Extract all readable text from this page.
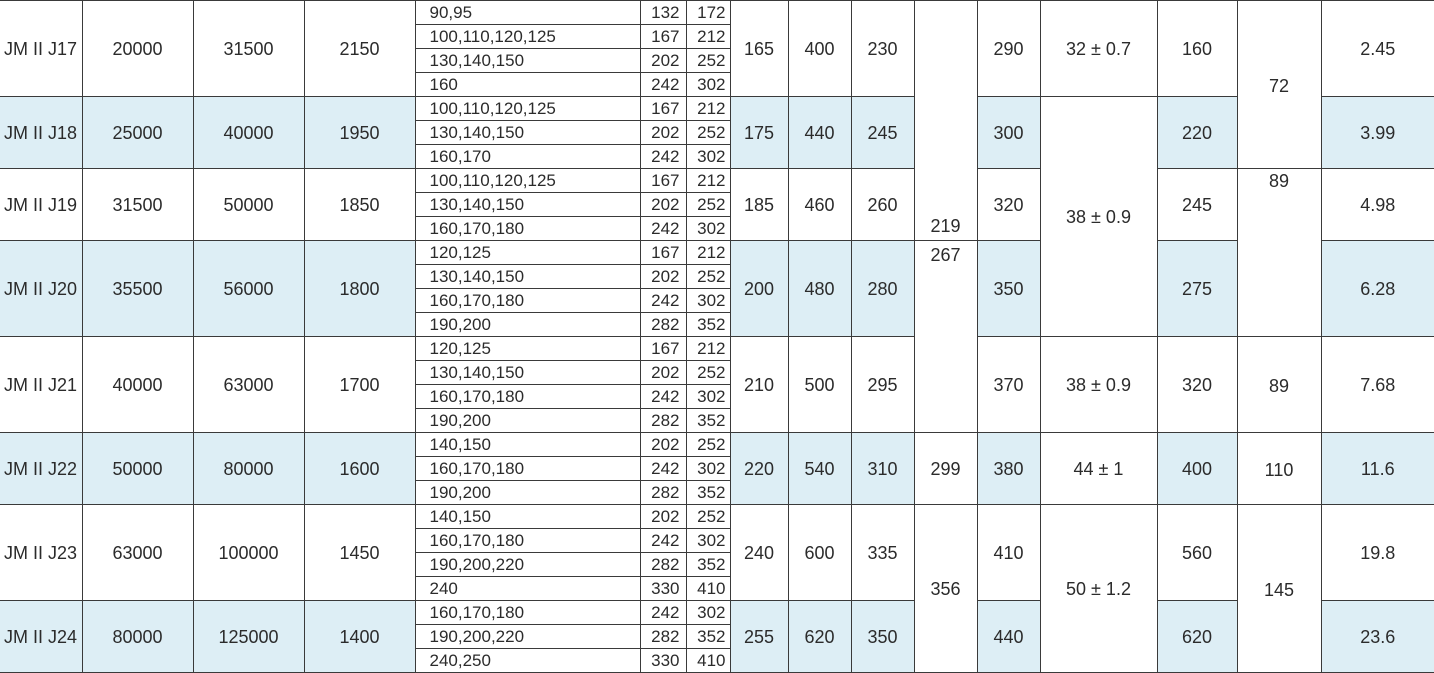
JM II J17	20000	31500	2150	90,95	132	172	165	400	230	219	290	32 ± 0.7	160	72	2.45
				100,110,120,125	167	212									
				130,140,150	202	252									
				160	242	302									
JM II J18	25000	40000	1950	100,110,120,125	167	212	175	440	245		300	38 ± 0.9	220		3.99
				130,140,150	202	252									
				160,170	242	302									
JM II J19	31500	50000	1850	100,110,120,125	167	212	185	460	260		320		245	89	4.98
				130,140,150	202	252									
				160,170,180	242	302									
JM II J20	35500	56000	1800	120,125	167	212	200	480	280	267	350		275		6.28
				130,140,150	202	252									
				160,170,180	242	302									
				190,200	282	352									
JM II J21	40000	63000	1700	120,125	167	212	210	500	295		370	38 ± 0.9	320	89	7.68
				130,140,150	202	252									
				160,170,180	242	302									
				190,200	282	352									
JM II J22	50000	80000	1600	140,150	202	252	220	540	310	299	380	44 ± 1	400	110	11.6
				160,170,180	242	302									
				190,200	282	352									
JM II J23	63000	100000	1450	140,150	202	252	240	600	335	356	410	50 ± 1.2	560	145	19.8
				160,170,180	242	302									
				190,200,220	282	352									
				240	330	410									
JM II J24	80000	125000	1400	160,170,180	242	302	255	620	350		440		620		23.6
				190,200,220	282	352									
				240,250	330	410									
